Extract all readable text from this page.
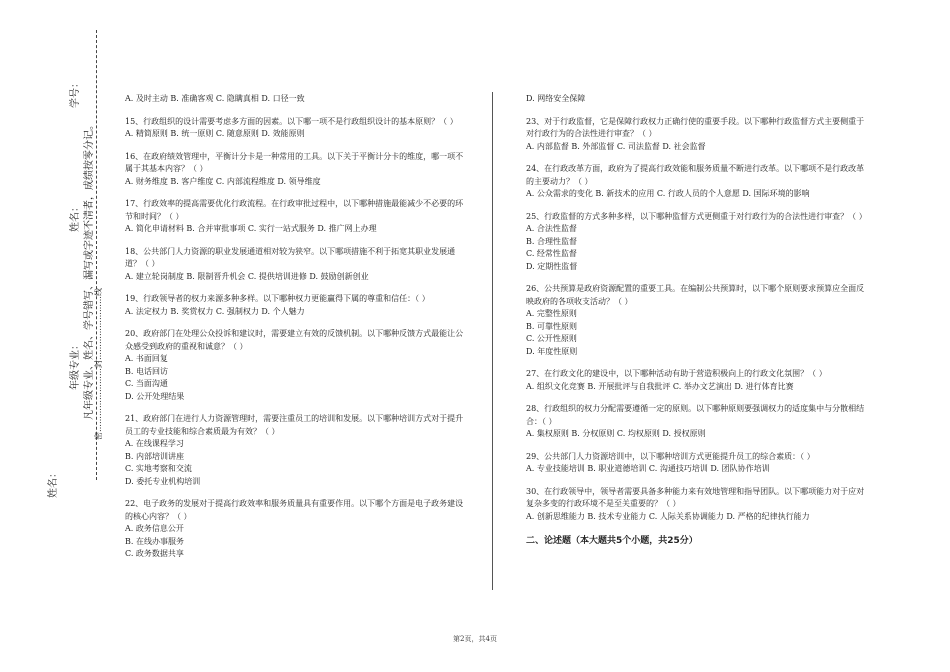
学号：
凡年级专业、姓名、学号错写、漏写或字迹不清者，成绩按零分记。
姓名：
年级专业： 密……………………封……………………线
姓名：

A. 及时主动 B. 准确客观 C. 隐瞒真相 D. 口径一致

15、行政组织的设计需要考虑多方面的因素。以下哪一项不是行政组织设计的基本原则？（ ）

A. 精简原则 B. 统一原则 C. 随意原则 D. 效能原则

16、在政府绩效管理中，平衡计分卡是一种常用的工具。以下关于平衡计分卡的维度，哪一项不属于其基本内容？（ ）

A. 财务维度 B. 客户维度 C. 内部流程维度 D. 领导维度

17、行政效率的提高需要优化行政流程。在行政审批过程中，以下哪种措施最能减少不必要的环节和时间？（ ）

A. 简化申请材料 B. 合并审批事项 C. 实行一站式服务 D. 推广网上办理

18、公共部门人力资源的职业发展通道相对较为狭窄。以下哪项措施不利于拓宽其职业发展通道？（ ）

A. 建立轮岗制度 B. 限制晋升机会 C. 提供培训进修 D. 鼓励创新创业

19、行政领导者的权力来源多种多样。以下哪种权力更能赢得下属的尊重和信任：（ ）

A. 法定权力 B. 奖赏权力 C. 强制权力 D. 个人魅力

20、政府部门在处理公众投诉和建议时，需要建立有效的反馈机制。以下哪种反馈方式最能让公众感受到政府的重视和诚意？（ ）

A. 书面回复

B. 电话回访

C. 当面沟通

D. 公开处理结果

21、政府部门在进行人力资源管理时，需要注重员工的培训和发展。以下哪种培训方式对于提升员工的专业技能和综合素质最为有效？（ ）

A. 在线课程学习

B. 内部培训讲座

C. 实地考察和交流

D. 委托专业机构培训

22、电子政务的发展对于提高行政效率和服务质量具有重要作用。以下哪个方面是电子政务建设的核心内容？（ ）

A. 政务信息公开

B. 在线办事服务

C. 政务数据共享

D. 网络安全保障

23、对于行政监督，它是保障行政权力正确行使的重要手段。以下哪种行政监督方式主要侧重于对行政行为的合法性进行审查？（ ）

A. 内部监督 B. 外部监督 C. 司法监督 D. 社会监督

24、在行政改革方面，政府为了提高行政效能和服务质量不断进行改革。以下哪项不是行政改革的主要动力？（ ）

A. 公众需求的变化 B. 新技术的应用 C. 行政人员的个人意愿 D. 国际环境的影响

25、行政监督的方式多种多样，以下哪种监督方式更侧重于对行政行为的合法性进行审查？（ ）

A. 合法性监督

B. 合理性监督

C. 经常性监督

D. 定期性监督

26、公共预算是政府资源配置的重要工具。在编制公共预算时，以下哪个原则要求预算应全面反映政府的各项收支活动？（ ）

A. 完整性原则

B. 可靠性原则

C. 公开性原则

D. 年度性原则

27、在行政文化的建设中，以下哪种活动有助于营造积极向上的行政文化氛围？（ ）

A. 组织文化竞赛 B. 开展批评与自我批评 C. 举办文艺演出 D. 进行体育比赛

28、行政组织的权力分配需要遵循一定的原则。以下哪种原则要强调权力的适度集中与分散相结合：（ ）

A. 集权原则 B. 分权原则 C. 均权原则 D. 授权原则

29、公共部门人力资源培训中，以下哪种培训方式更能提升员工的综合素质：（ ）

A. 专业技能培训 B. 职业道德培训 C. 沟通技巧培训 D. 团队协作培训

30、在行政领导中，领导者需要具备多种能力来有效地管理和指导团队。以下哪项能力对于应对复杂多变的行政环境不是至关重要的？（ ）

A. 创新思维能力 B. 技术专业能力 C. 人际关系协调能力 D. 严格的纪律执行能力

二、论述题（本大题共5个小题，共25分）
第2页，共4页
